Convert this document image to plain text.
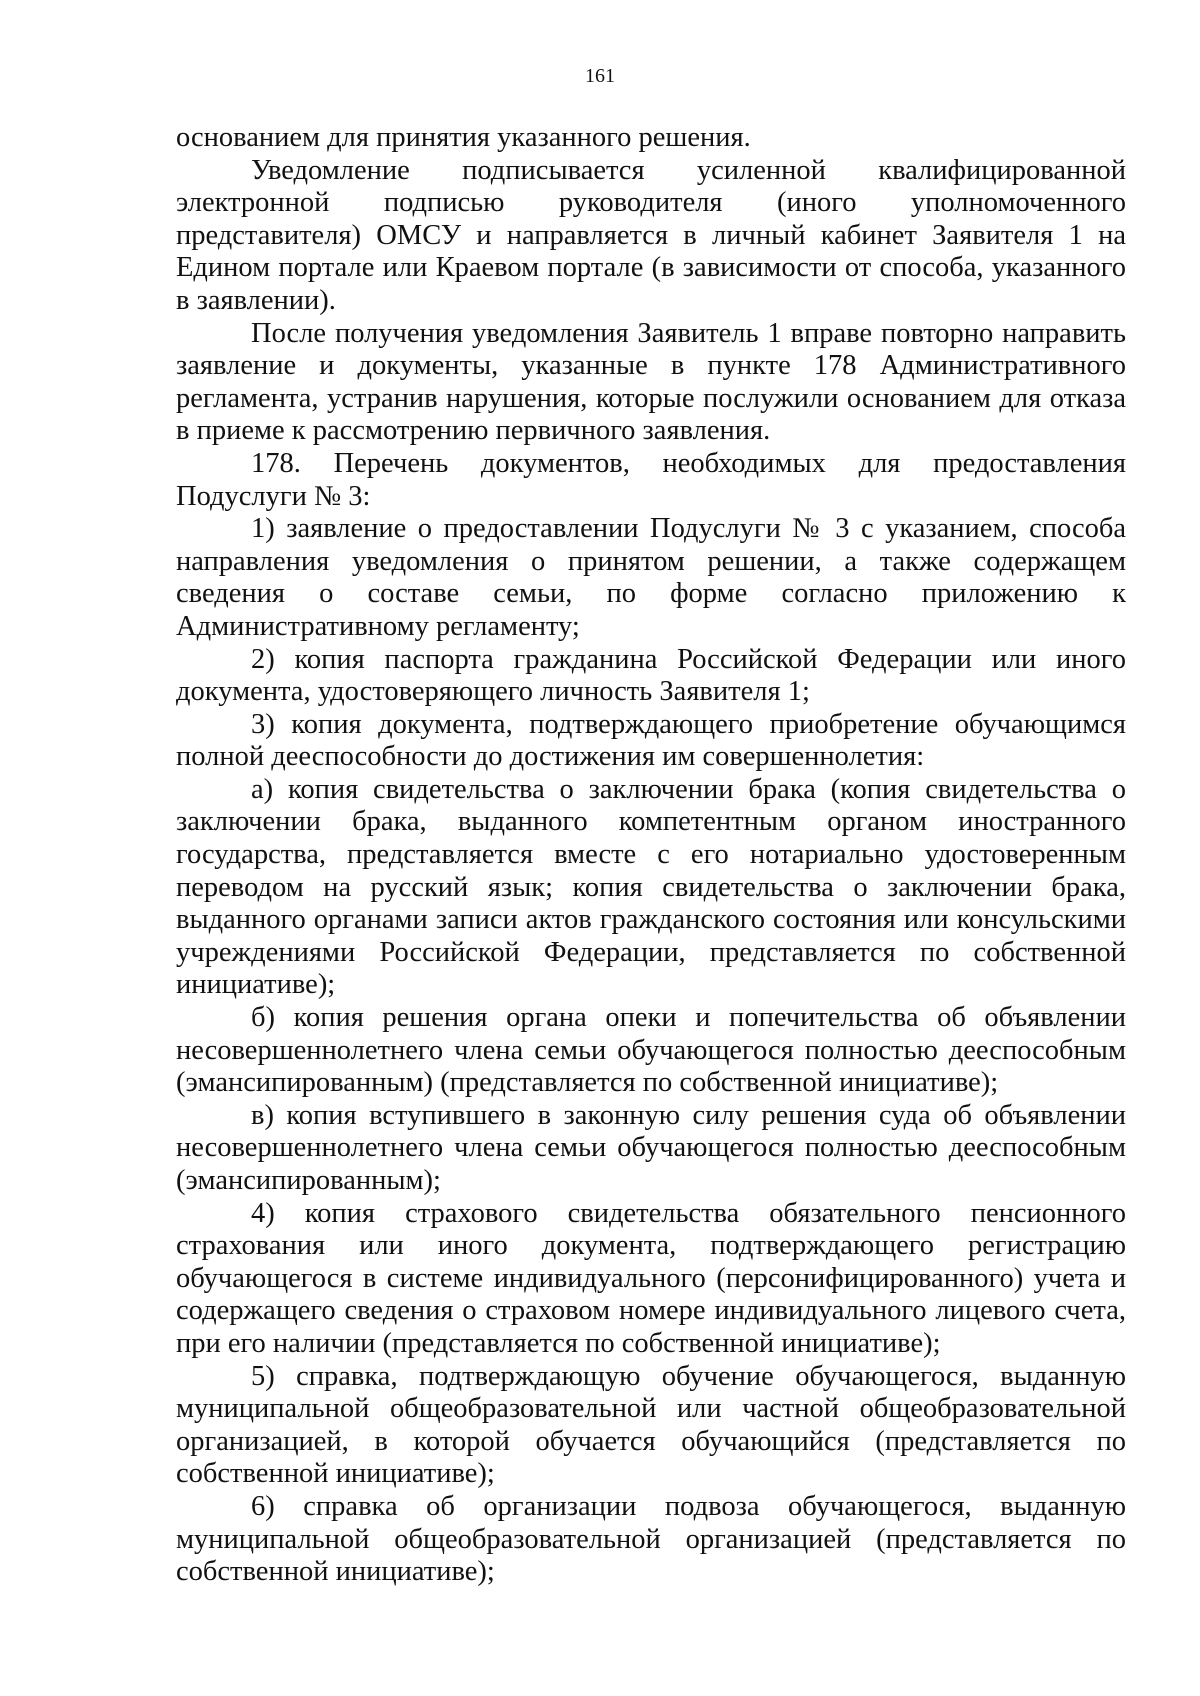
161

основанием для принятия указанного решения.

Уведомление подписывается усиленной квалифицированной электронной подписью руководителя (иного уполномоченного представителя) ОМСУ и направляется в личный кабинет Заявителя 1 на Едином портале или Краевом портале (в зависимости от способа, указанного в заявлении).

После получения уведомления Заявитель 1 вправе повторно направить заявление и документы, указанные в пункте 178 Административного регламента, устранив нарушения, которые послужили основанием для отказа в приеме к рассмотрению первичного заявления.

178. Перечень документов, необходимых для предоставления Подуслуги № 3:

1) заявление о предоставлении Подуслуги № 3 с указанием, способа направления уведомления о принятом решении, а также содержащем сведения о составе семьи, по форме согласно приложению к Административному регламенту;

2) копия паспорта гражданина Российской Федерации или иного документа, удостоверяющего личность Заявителя 1;

3) копия документа, подтверждающего приобретение обучающимся полной дееспособности до достижения им совершеннолетия:

а) копия свидетельства о заключении брака (копия свидетельства о заключении брака, выданного компетентным органом иностранного государства, представляется вместе с его нотариально удостоверенным переводом на русский язык; копия свидетельства о заключении брака, выданного органами записи актов гражданского состояния или консульскими учреждениями Российской Федерации, представляется по собственной инициативе);

б) копия решения органа опеки и попечительства об объявлении несовершеннолетнего члена семьи обучающегося полностью дееспособным (эмансипированным) (представляется по собственной инициативе);

в) копия вступившего в законную силу решения суда об объявлении несовершеннолетнего члена семьи обучающегося полностью дееспособным (эмансипированным);

4) копия страхового свидетельства обязательного пенсионного страхования или иного документа, подтверждающего регистрацию обучающегося в системе индивидуального (персонифицированного) учета и содержащего сведения о страховом номере индивидуального лицевого счета, при его наличии (представляется по собственной инициативе);

5) справка, подтверждающую обучение обучающегося, выданную муниципальной общеобразовательной или частной общеобразовательной организацией, в которой обучается обучающийся (представляется по собственной инициативе);

6) справка об организации подвоза обучающегося, выданную муниципальной общеобразовательной организацией (представляется по собственной инициативе);
